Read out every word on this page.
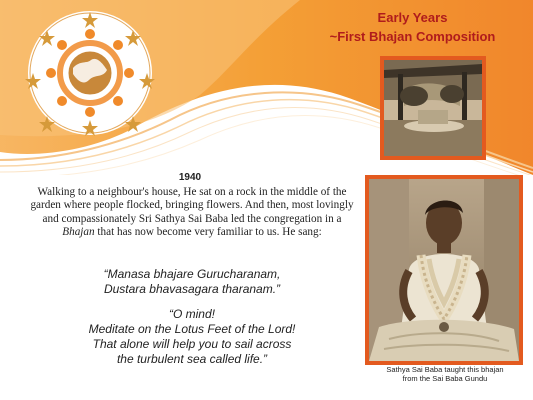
Early Years
~First Bhajan Composition
Sathya Sai Baba taught this bhajan
from the Sai Baba Gundu
1940
Walking to a neighbour's house, He sat on a rock in the middle of the garden where people flocked, bringing flowers. And then, most lovingly and compassionately Sri Sathya Sai Baba led the congregation in a Bhajan that has now become very familiar to us. He sang:
“Manasa bhajare Gurucharanam,
Dustara bhavasagara tharanam.”
“O mind!
Meditate on the Lotus Feet of the Lord!
That alone will help you to sail across
the turbulent sea called life.”
